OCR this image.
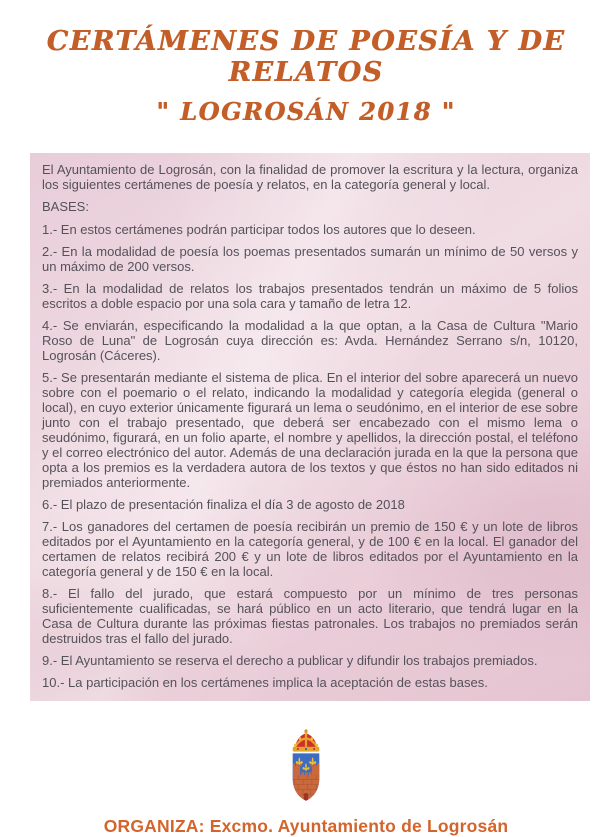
CERTÁMENES DE POESÍA Y DE RELATOS
" LOGROSÁN 2018 "

El Ayuntamiento de Logrosán, con la finalidad de promover la escritura y la lectura, organiza los siguientes certámenes de poesía y relatos, en la categoría general y local.

BASES:

1.- En estos certámenes podrán participar todos los autores que lo deseen.

2.- En la modalidad de poesía los poemas presentados sumarán un mínimo de 50 versos y un máximo de 200 versos.

3.- En la modalidad de relatos los trabajos presentados tendrán un máximo de 5 folios escritos a doble espacio por una sola cara y tamaño de letra 12.

4.- Se enviarán, especificando la modalidad a la que optan, a la Casa de Cultura "Mario Roso de Luna" de Logrosán cuya dirección es: Avda. Hernández Serrano s/n, 10120, Logrosán (Cáceres).

5.- Se presentarán mediante el sistema de plica. En el interior del sobre aparecerá un nuevo sobre con el poemario o el relato, indicando la modalidad y categoría elegida (general o local), en cuyo exterior únicamente figurará un lema o seudónimo, en el interior de ese sobre junto con el trabajo presentado, que deberá ser encabezado con el mismo lema o seudónimo, figurará, en un folio aparte, el nombre y apellidos, la dirección postal, el teléfono y el correo electrónico del autor. Además de una declaración jurada en la que la persona que opta a los premios es la verdadera autora de los textos y que éstos no han sido editados ni premiados anteriormente.

6.- El plazo de presentación finaliza el día 3 de agosto de 2018

7.- Los ganadores del certamen de poesía recibirán un premio de 150 € y un lote de libros editados por el Ayuntamiento en la categoría general, y de 100 € en la local. El ganador del certamen de relatos recibirá 200 € y un lote de libros editados por el Ayuntamiento en la categoría general y de 150 € en la local.

8.- El fallo del jurado, que estará compuesto por un mínimo de tres personas suficientemente cualificadas, se hará público en un acto literario, que tendrá lugar en la Casa de Cultura durante las próximas fiestas patronales. Los trabajos no premiados serán destruidos tras el fallo del jurado.

9.- El Ayuntamiento se reserva el derecho a publicar y difundir los trabajos premiados.

10.- La participación en los certámenes implica la aceptación de estas bases.

ORGANIZA: Excmo. Ayuntamiento de Logrosán
